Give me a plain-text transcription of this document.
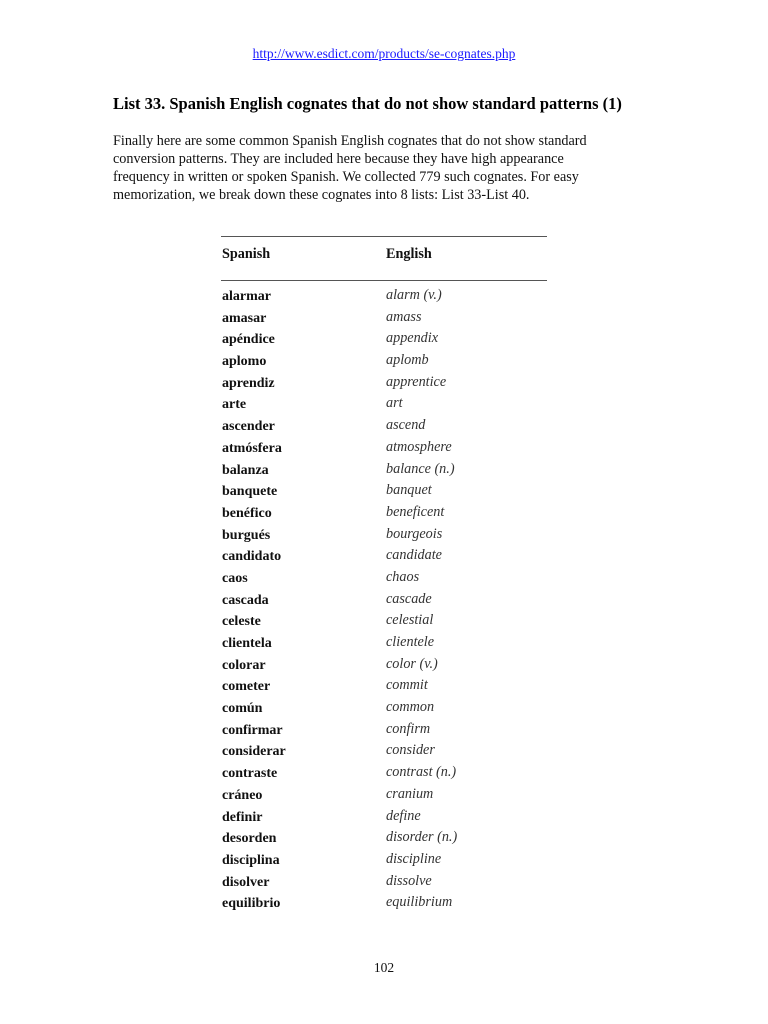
http://www.esdict.com/products/se-cognates.php
List 33. Spanish English cognates that do not show standard patterns (1)
Finally here are some common Spanish English cognates that do not show standard
conversion patterns. They are included here because they have high appearance
frequency in written or spoken Spanish. We collected 779 such cognates. For easy
memorization, we break down these cognates into 8 lists: List 33-List 40.
Spanish	English
alarmar	alarm (v.)
amasar	amass
apéndice	appendix
aplomo	aplomb
aprendiz	apprentice
arte	art
ascender	ascend
atmósfera	atmosphere
balanza	balance (n.)
banquete	banquet
benéfico	beneficent
burgués	bourgeois
candidato	candidate
caos	chaos
cascada	cascade
celeste	celestial
clientela	clientele
colorar	color (v.)
cometer	commit
común	common
confirmar	confirm
considerar	consider
contraste	contrast (n.)
cráneo	cranium
definir	define
desorden	disorder (n.)
disciplina	discipline
disolver	dissolve
equilibrio	equilibrium
102
